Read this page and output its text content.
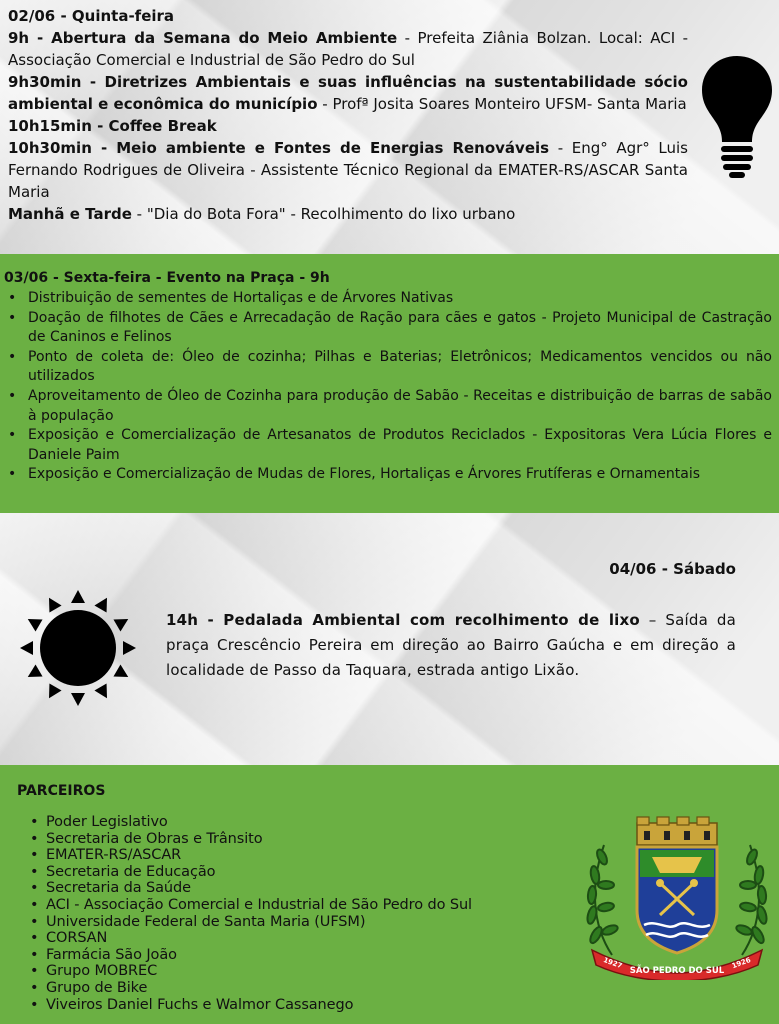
02/06 - Quinta-feira

9h - Abertura da Semana do Meio Ambiente - Prefeita Ziânia Bolzan. Local: ACI - Associação Comercial e Industrial de São Pedro do Sul

9h30min - Diretrizes Ambientais e suas influências na sustentabilidade sócio ambiental e econômica do município - Profª Josita Soares Monteiro UFSM- Santa Maria

10h15min - Coffee Break

10h30min - Meio ambiente e Fontes de Energias Renováveis - Eng° Agr° Luis Fernando Rodrigues de Oliveira - Assistente Técnico Regional da EMATER-RS/ASCAR Santa Maria

Manhã e Tarde - "Dia do Bota Fora" - Recolhimento do lixo urbano

03/06 - Sexta-feira - Evento na Praça - 9h
• Distribuição de sementes de Hortaliças e de Árvores Nativas
• Doação de filhotes de Cães e Arrecadação de Ração para cães e gatos - Projeto Municipal de Castração de Caninos e Felinos
• Ponto de coleta de: Óleo de cozinha; Pilhas e Baterias; Eletrônicos; Medicamentos vencidos ou não utilizados
• Aproveitamento de Óleo de Cozinha para produção de Sabão - Receitas e distribuição de barras de sabão à população
• Exposição e Comercialização de Artesanatos de Produtos Reciclados - Expositoras Vera Lúcia Flores e Daniele Paim
• Exposição e Comercialização de Mudas de Flores, Hortaliças e Árvores Frutíferas e Ornamentais
04/06 - Sábado
14h - Pedalada Ambiental com recolhimento de lixo – Saída da praça Crescêncio Pereira em direção ao Bairro Gaúcha e em direção a localidade de Passo da Taquara, estrada antigo Lixão.
PARCEIROS
• Poder Legislativo
• Secretaria de Obras e Trânsito
• EMATER-RS/ASCAR
• Secretaria de Educação
• Secretaria da Saúde
• ACI - Associação Comercial e Industrial de São Pedro do Sul
• Universidade Federal de Santa Maria (UFSM)
• CORSAN
• Farmácia São João
• Grupo MOBREC
• Grupo de Bike
• Viveiros Daniel Fuchs e Walmor Cassanego
SÃO PEDRO DO SUL
1927	1926
